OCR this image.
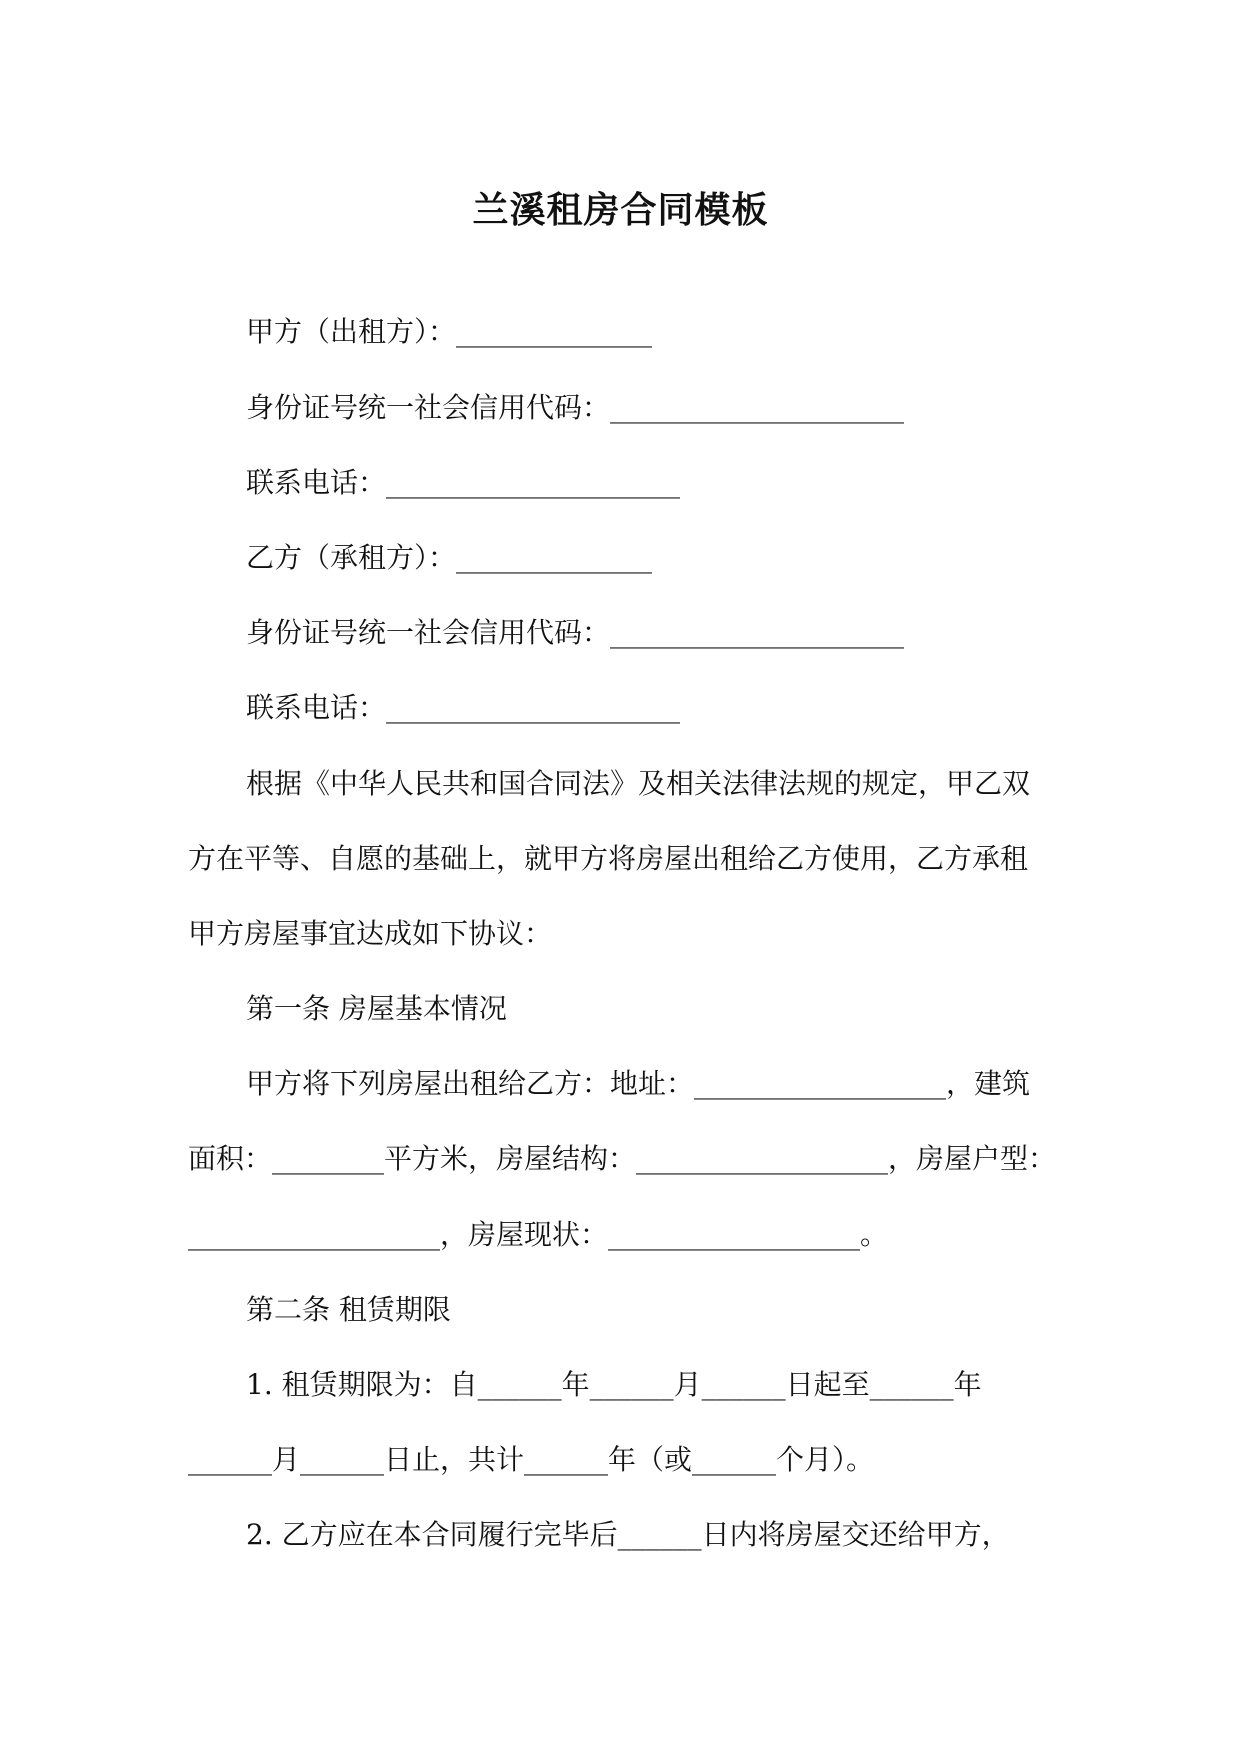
兰溪租房合同模板
甲方（出租方）：______________
身份证号统一社会信用代码：_____________________
联系电话：_____________________
乙方（承租方）：______________
身份证号统一社会信用代码：_____________________
联系电话：_____________________
根据《中华人民共和国合同法》及相关法律法规的规定，甲乙双
方在平等、自愿的基础上，就甲方将房屋出租给乙方使用，乙方承租
甲方房屋事宜达成如下协议：
第一条 房屋基本情况
甲方将下列房屋出租给乙方：地址：__________________，建筑
面积：________平方米，房屋结构：__________________，房屋户型：
__________________，房屋现状：__________________。
第二条 租赁期限
1. 租赁期限为：自______年______月______日起至______年
______月______日止，共计______年（或______个月）。
2. 乙方应在本合同履行完毕后______日内将房屋交还给甲方，
